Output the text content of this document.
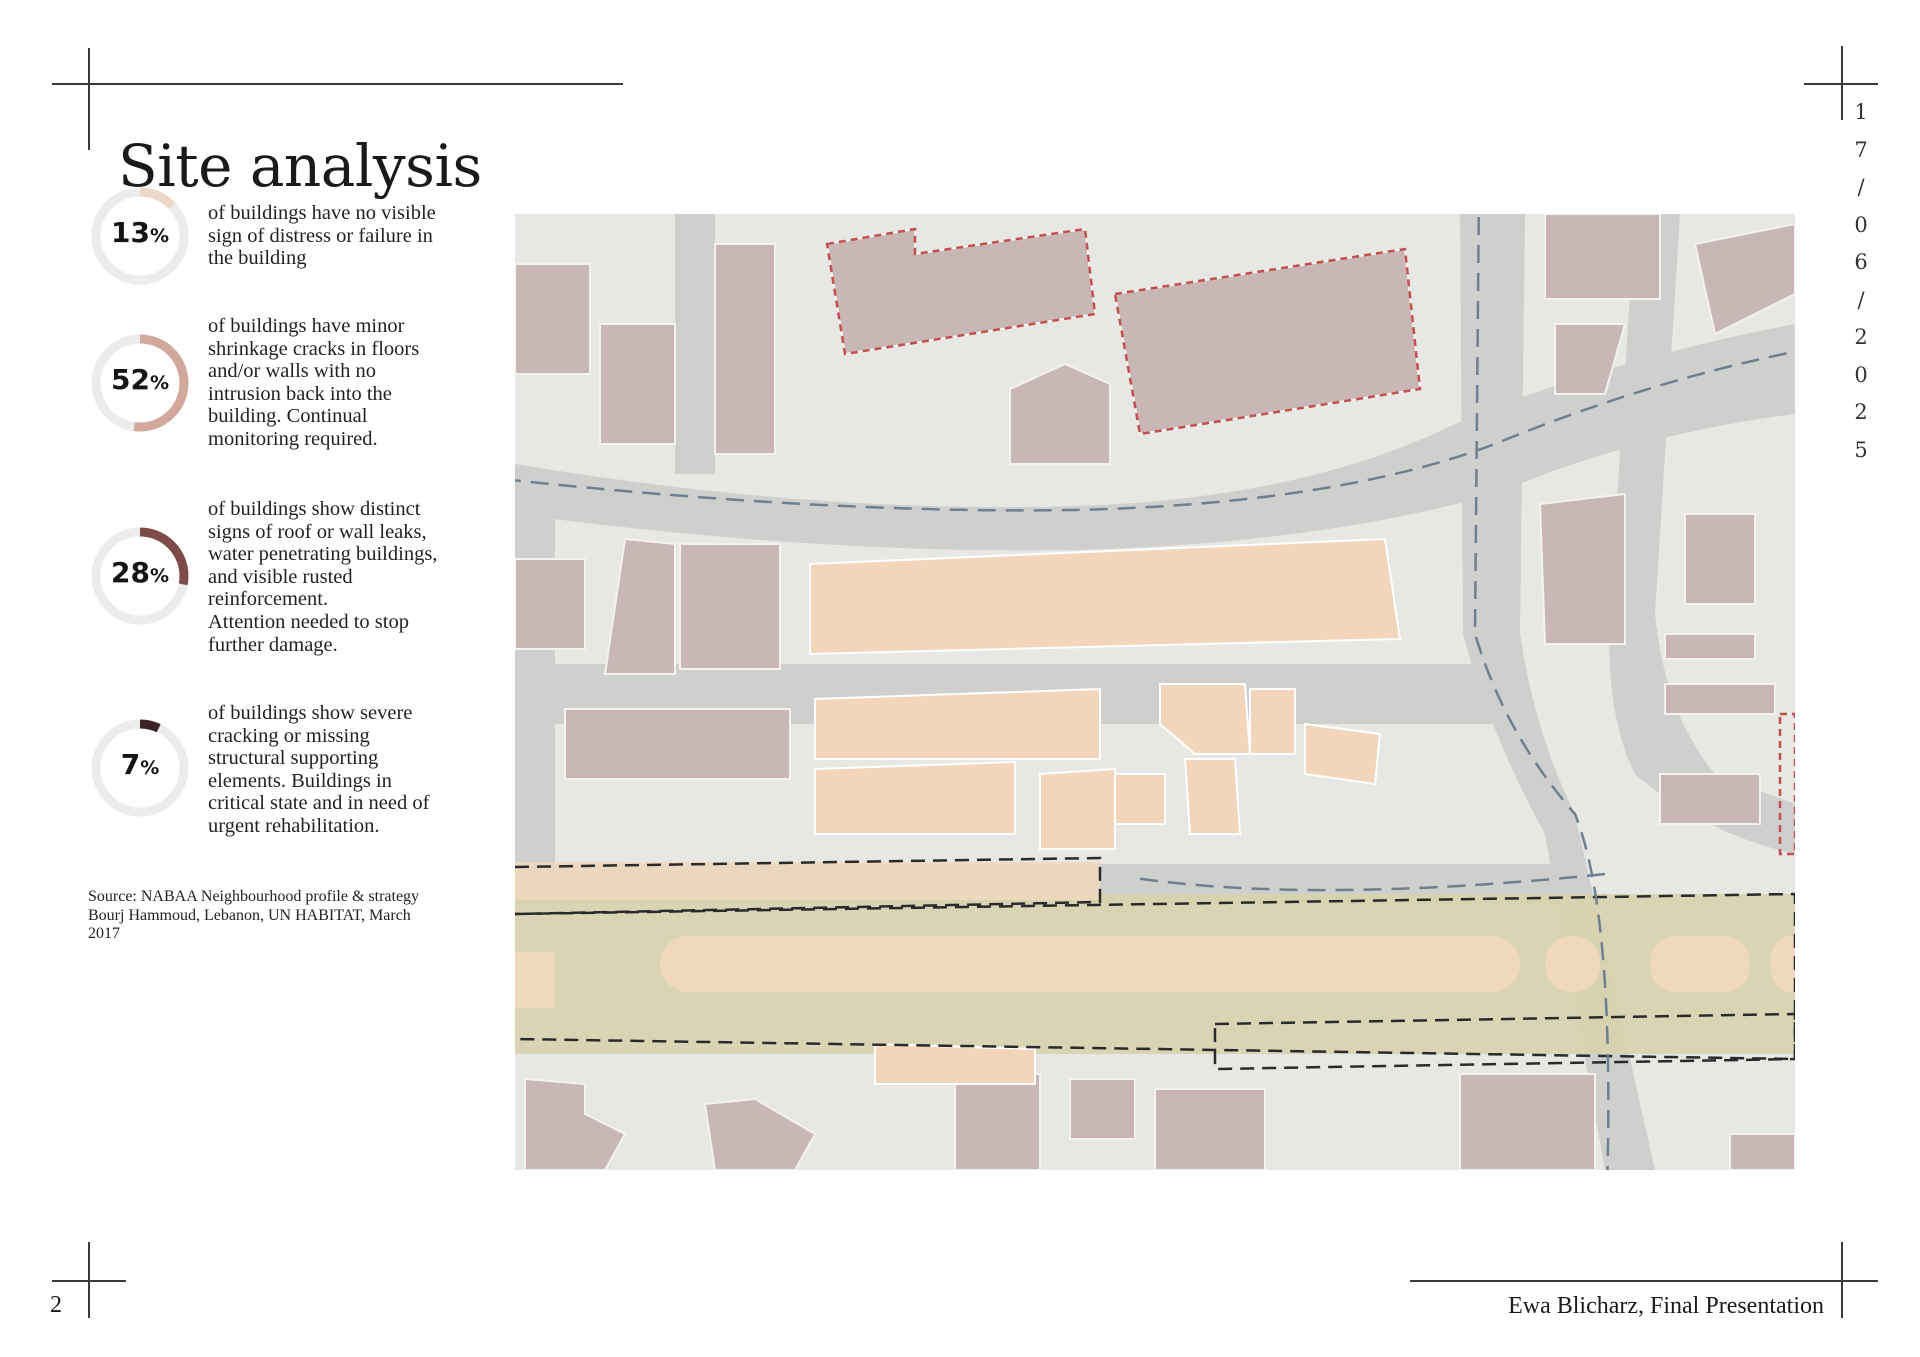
Site analysis
1
7
/
0
6
/
2
0
2
5
13%
of buildings have no visible
sign of distress or failure in
the building
52%
of buildings have minor
shrinkage cracks in floors
and/or walls with no
intrusion back into the
building. Continual
monitoring required.
28%
of buildings show distinct
signs of roof or wall leaks,
water penetrating buildings,
and visible rusted
reinforcement.
Attention needed to stop
further damage.
7%
of buildings show severe
cracking or missing
structural supporting
elements. Buildings in
critical state and in need of
urgent rehabilitation.
Source: NABAA Neighbourhood profile & strategy
Bourj Hammoud, Lebanon, UN HABITAT, March
2017
2	Ewa Blicharz, Final Presentation
